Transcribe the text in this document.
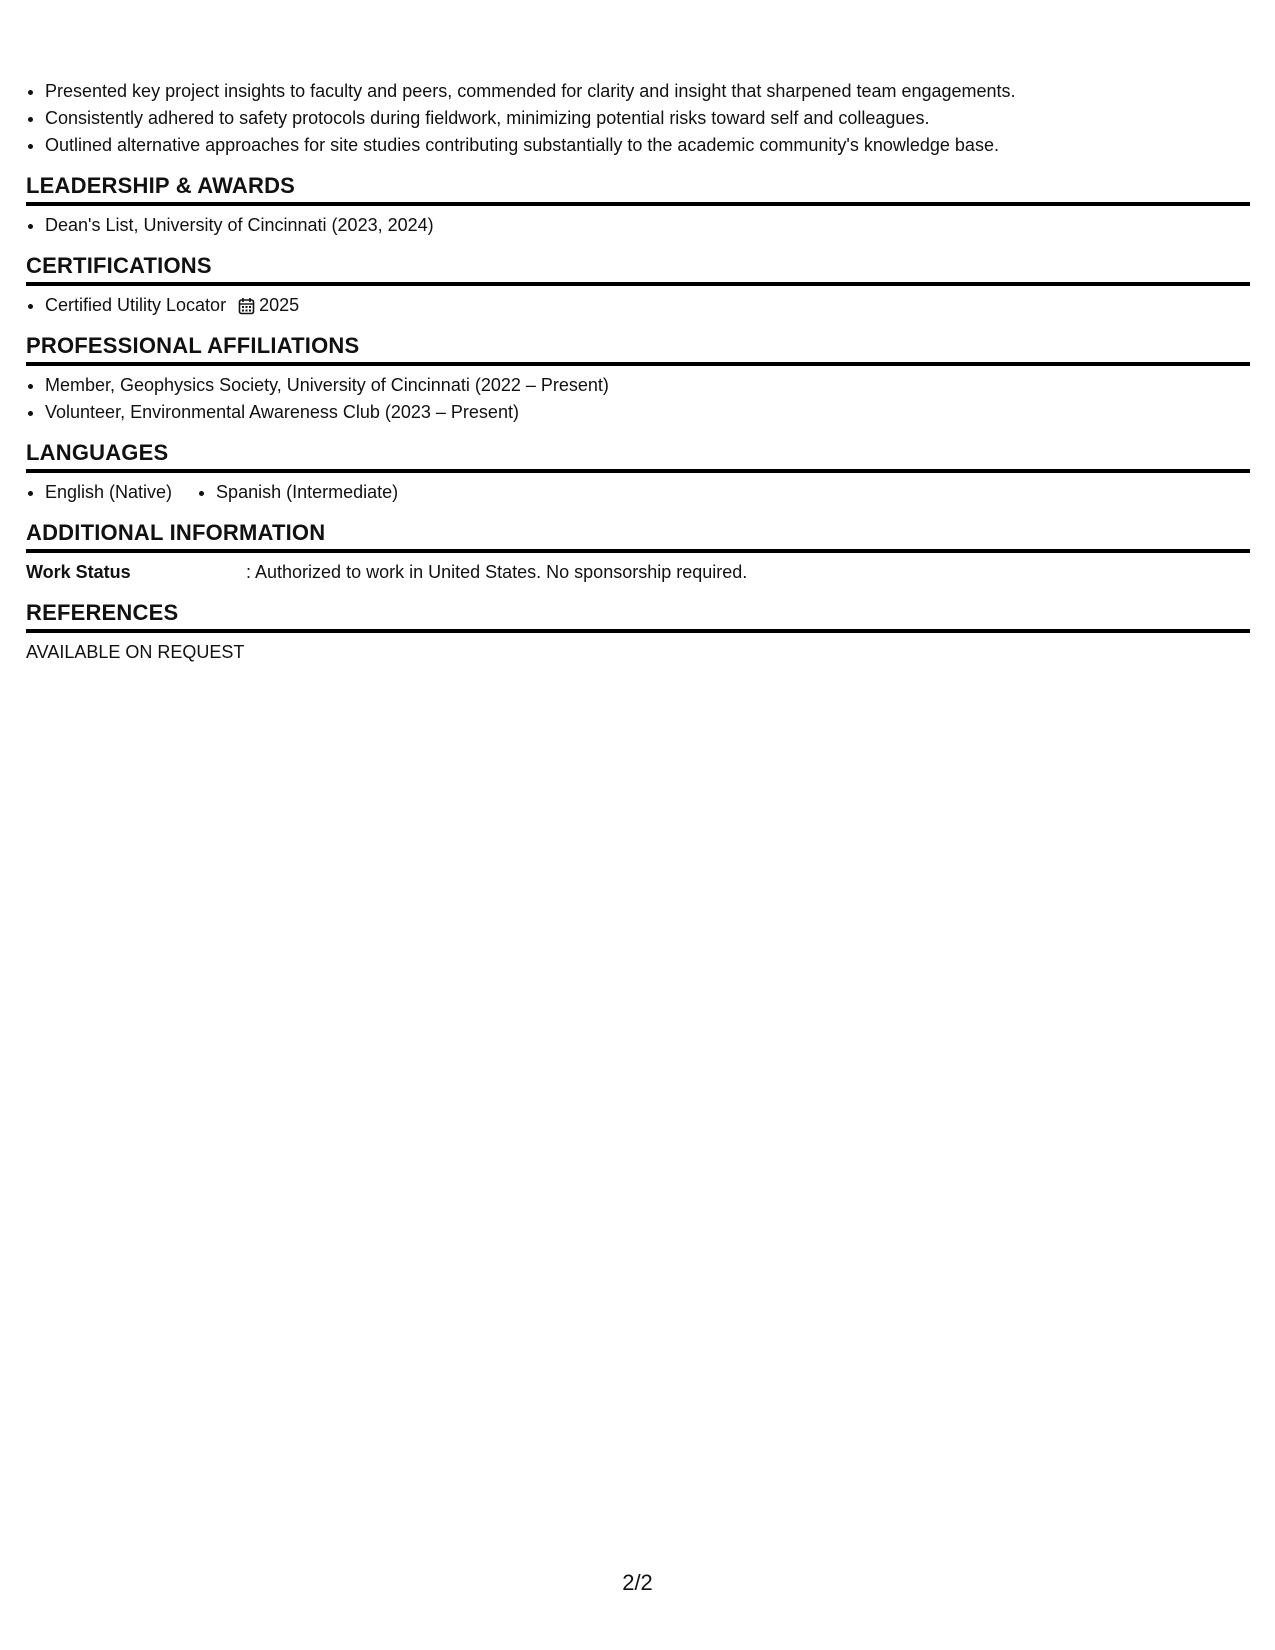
• Presented key project insights to faculty and peers, commended for clarity and insight that sharpened team engagements.
• Consistently adhered to safety protocols during fieldwork, minimizing potential risks toward self and colleagues.
• Outlined alternative approaches for site studies contributing substantially to the academic community's knowledge base.
LEADERSHIP & AWARDS
• Dean's List, University of Cincinnati (2023, 2024)
CERTIFICATIONS
• Certified Utility Locator 2025
PROFESSIONAL AFFILIATIONS
• Member, Geophysics Society, University of Cincinnati (2022 – Present)
• Volunteer, Environmental Awareness Club (2023 – Present)
LANGUAGES
• English (Native)
• Spanish (Intermediate)
ADDITIONAL INFORMATION
Work Status	: Authorized to work in United States. No sponsorship required.
REFERENCES
AVAILABLE ON REQUEST
2/2
